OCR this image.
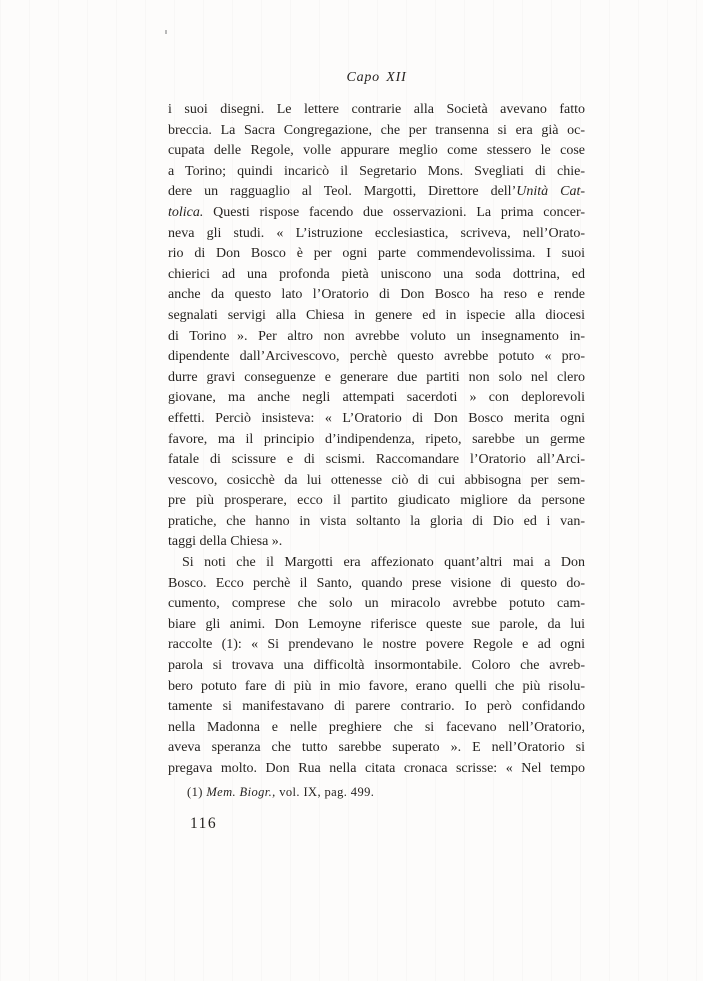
Capo XII
i suoi disegni. Le lettere contrarie alla Società avevano fatto
breccia. La Sacra Congregazione, che per transenna si era già oc-
cupata delle Regole, volle appurare meglio come stessero le cose
a Torino; quindi incaricò il Segretario Mons. Svegliati di chie-
dere un ragguaglio al Teol. Margotti, Direttore dell’Unità Cat-
tolica. Questi rispose facendo due osservazioni. La prima concer-
neva gli studi. « L’istruzione ecclesiastica, scriveva, nell’Orato-
rio di Don Bosco è per ogni parte commendevolissima. I suoi
chierici ad una profonda pietà uniscono una soda dottrina, ed
anche da questo lato l’Oratorio di Don Bosco ha reso e rende
segnalati servigi alla Chiesa in genere ed in ispecie alla diocesi
di Torino ». Per altro non avrebbe voluto un insegnamento in-
dipendente dall’Arcivescovo, perchè questo avrebbe potuto « pro-
durre gravi conseguenze e generare due partiti non solo nel clero
giovane, ma anche negli attempati sacerdoti » con deplorevoli
effetti. Perciò insisteva: « L’Oratorio di Don Bosco merita ogni
favore, ma il principio d’indipendenza, ripeto, sarebbe un germe
fatale di scissure e di scismi. Raccomandare l’Oratorio all’Arci-
vescovo, cosicchè da lui ottenesse ciò di cui abbisogna per sem-
pre più prosperare, ecco il partito giudicato migliore da persone
pratiche, che hanno in vista soltanto la gloria di Dio ed i van-
taggi della Chiesa ».
Si noti che il Margotti era affezionato quant’altri mai a Don
Bosco. Ecco perchè il Santo, quando prese visione di questo do-
cumento, comprese che solo un miracolo avrebbe potuto cam-
biare gli animi. Don Lemoyne riferisce queste sue parole, da lui
raccolte (1): « Si prendevano le nostre povere Regole e ad ogni
parola si trovava una difficoltà insormontabile. Coloro che avreb-
bero potuto fare di più in mio favore, erano quelli che più risolu-
tamente si manifestavano di parere contrario. Io però confidando
nella Madonna e nelle preghiere che si facevano nell’Oratorio,
aveva speranza che tutto sarebbe superato ». E nell’Oratorio si
pregava molto. Don Rua nella citata cronaca scrisse: « Nel tempo
(1) Mem. Biogr., vol. IX, pag. 499.
116
